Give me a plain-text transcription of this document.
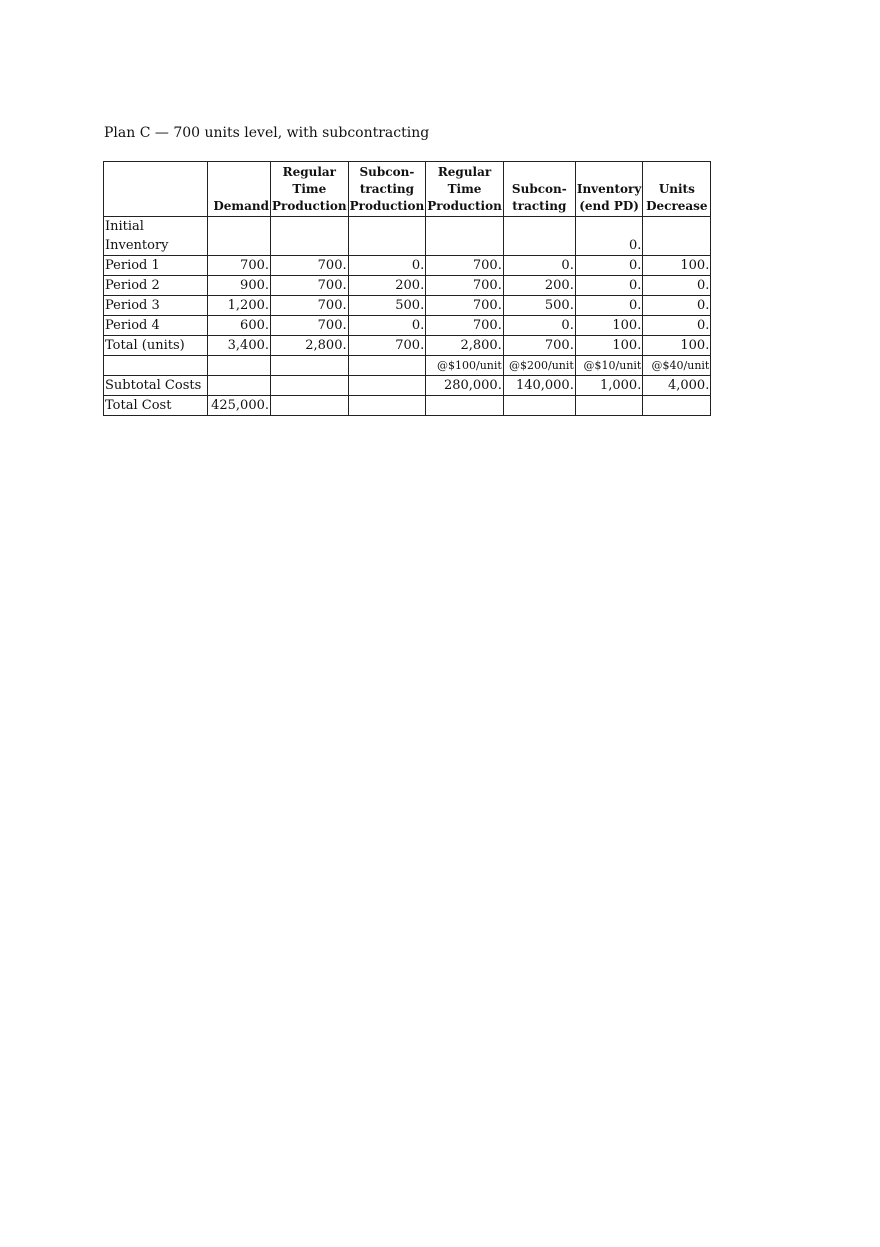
Plan C — 700 units level, with subcontracting
	Demand	Regular
Time
Production	Subcon-
tracting
Production	Regular
Time
Production	Subcon-
tracting	Inventory
(end PD)	Units
Decrease
Initial
Inventory						0.	
Period 1	700.	700.	0.	700.	0.	0.	100.
Period 2	900.	700.	200.	700.	200.	0.	0.
Period 3	1,200.	700.	500.	700.	500.	0.	0.
Period 4	600.	700.	0.	700.	0.	100.	0.
Total (units)	3,400.	2,800.	700.	2,800.	700.	100.	100.
				@$100/unit	@$200/unit	@$10/unit	@$40/unit
Subtotal Costs				280,000.	140,000.	1,000.	4,000.
Total Cost	425,000.						
